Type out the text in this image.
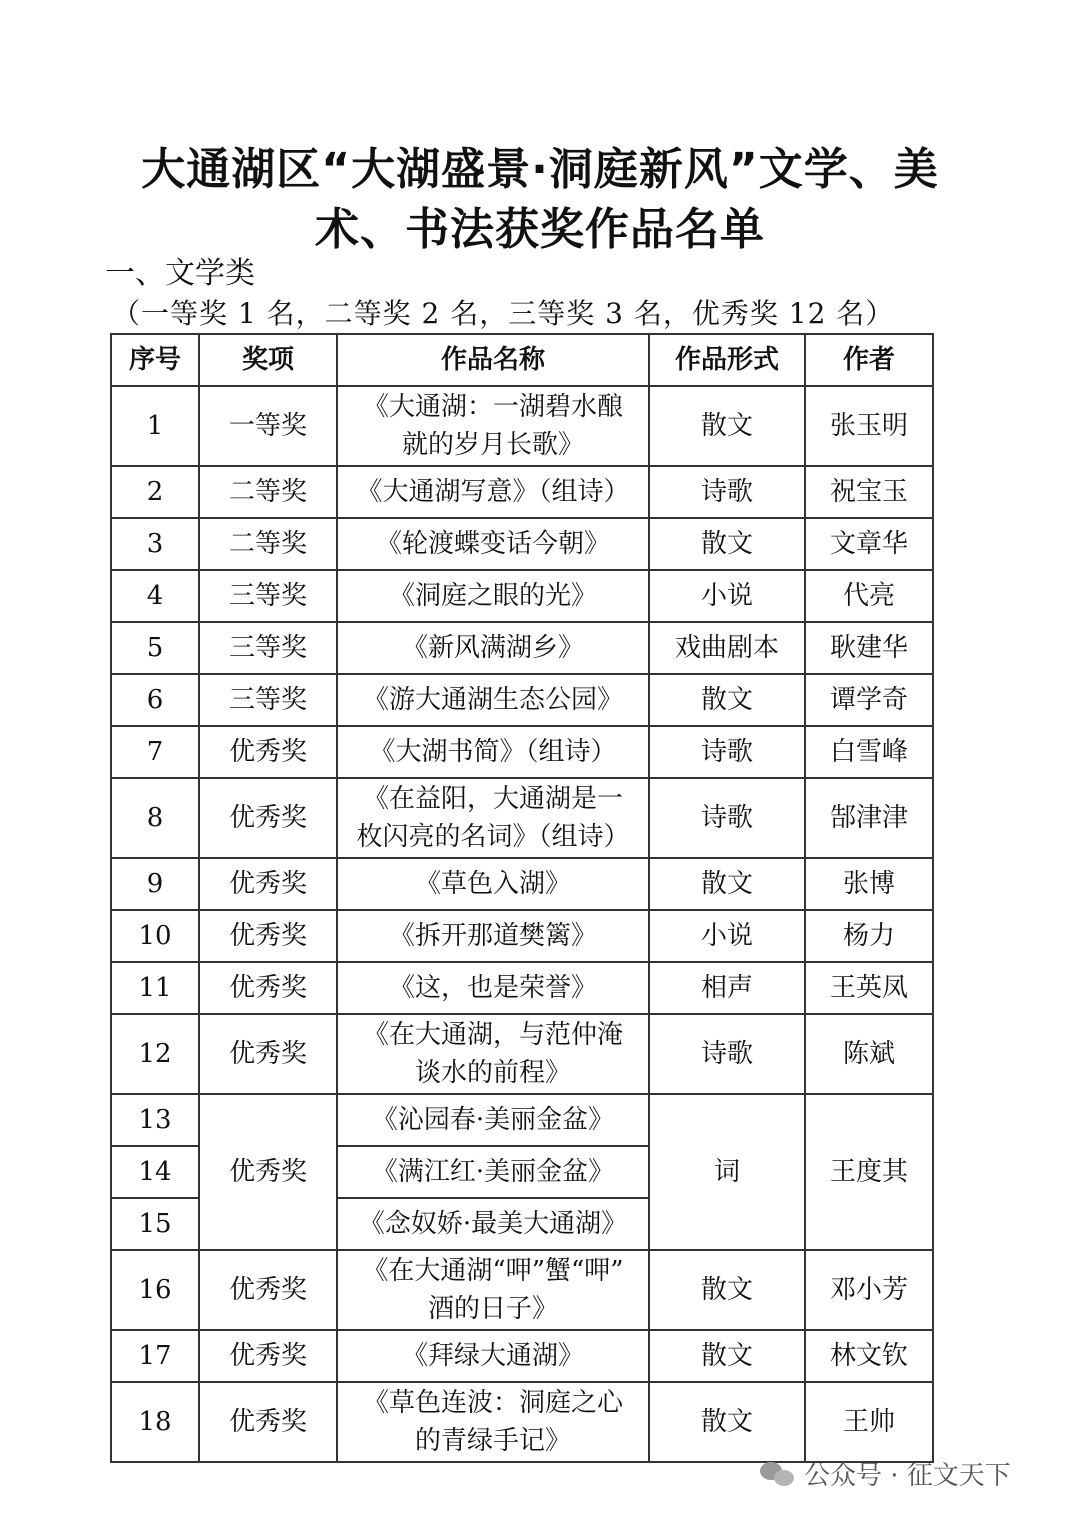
大通湖区“大湖盛景·洞庭新风”文学、美
术、书法获奖作品名单
一、文学类
（一等奖 1 名，二等奖 2 名，三等奖 3 名，优秀奖 12 名）
序号	奖项	作品名称	作品形式	作者
1	一等奖	《大通湖：一湖碧水酿
就的岁月长歌》	散文	张玉明
2	二等奖	《大通湖写意》（组诗）	诗歌	祝宝玉
3	二等奖	《轮渡蝶变话今朝》	散文	文章华
4	三等奖	《洞庭之眼的光》	小说	代亮
5	三等奖	《新风满湖乡》	戏曲剧本	耿建华
6	三等奖	《游大通湖生态公园》	散文	谭学奇
7	优秀奖	《大湖书简》（组诗）	诗歌	白雪峰
8	优秀奖	《在益阳，大通湖是一
枚闪亮的名词》（组诗）	诗歌	郜津津
9	优秀奖	《草色入湖》	散文	张博
10	优秀奖	《拆开那道樊篱》	小说	杨力
11	优秀奖	《这，也是荣誉》	相声	王英凤
12	优秀奖	《在大通湖，与范仲淹
谈水的前程》	诗歌	陈斌
13	优秀奖	《沁园春·美丽金盆》	词	王度其
14		《满江红·美丽金盆》		
15		《念奴娇·最美大通湖》		
16	优秀奖	《在大通湖“呷”蟹“呷”
酒的日子》	散文	邓小芳
17	优秀奖	《拜绿大通湖》	散文	林文钦
18	优秀奖	《草色连波：洞庭之心
的青绿手记》	散文	王帅
公众号 · 征文天下
